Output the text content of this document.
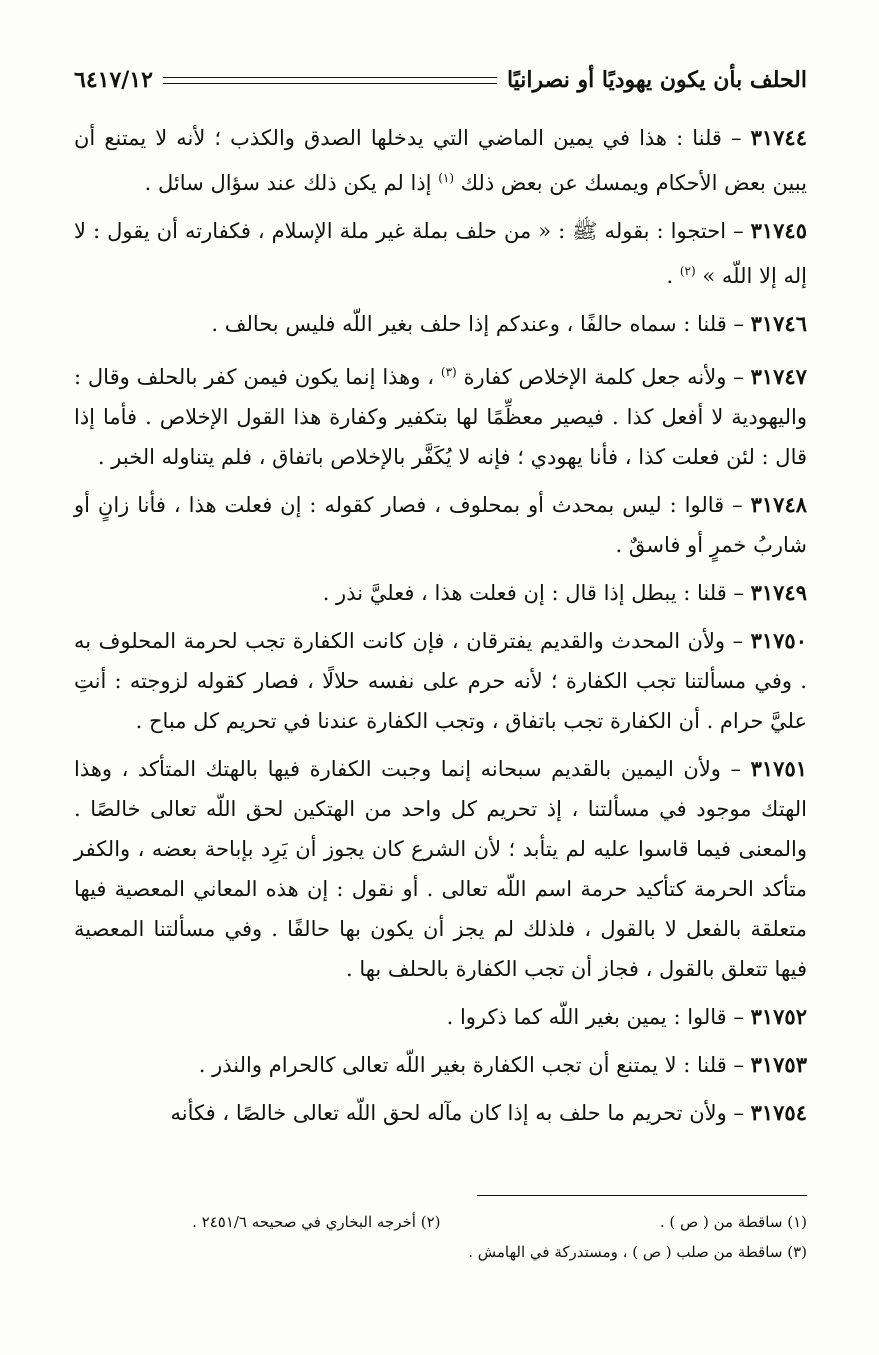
الحلف بأن يكون يهوديًا أو نصرانيًا
٦٤١٧/١٢

٣١٧٤٤ – قلنا : هذا في يمين الماضي التي يدخلها الصدق والكذب ؛ لأنه لا يمتنع أن يبين بعض الأحكام ويمسك عن بعض ذلك $^{(١)}$ إذا لم يكن ذلك عند سؤال سائل .

٣١٧٤٥ – احتجوا : بقوله ﷺ : « من حلف بملة غير ملة الإسلام ، فكفارته أن يقول : لا إله إلا اللّه » $^{(٢)}$ .

٣١٧٤٦ – قلنا : سماه حالفًا ، وعندكم إذا حلف بغير اللّه فليس بحالف .

٣١٧٤٧ – ولأنه جعل كلمة الإخلاص كفارة $^{(٣)}$ ، وهذا إنما يكون فيمن كفر بالحلف وقال : واليهودية لا أفعل كذا . فيصير معظِّمًا لها بتكفير وكفارة هذا القول الإخلاص . فأما إذا قال : لئن فعلت كذا ، فأنا يهودي ؛ فإنه لا يُكَفَّر بالإخلاص باتفاق ، فلم يتناوله الخبر .

٣١٧٤٨ – قالوا : ليس بمحدث أو بمحلوف ، فصار كقوله : إن فعلت هذا ، فأنا زانٍ أو شاربُ خمرٍ أو فاسقٌ .

٣١٧٤٩ – قلنا : يبطل إذا قال : إن فعلت هذا ، فعليَّ نذر .

٣١٧٥٠ – ولأن المحدث والقديم يفترقان ، فإن كانت الكفارة تجب لحرمة المحلوف به . وفي مسألتنا تجب الكفارة ؛ لأنه حرم على نفسه حلالًا ، فصار كقوله لزوجته : أنتِ عليَّ حرام . أن الكفارة تجب باتفاق ، وتجب الكفارة عندنا في تحريم كل مباح .

٣١٧٥١ – ولأن اليمين بالقديم سبحانه إنما وجبت الكفارة فيها بالهتك المتأكد ، وهذا الهتك موجود في مسألتنا ، إذ تحريم كل واحد من الهتكين لحق اللّه تعالى خالصًا . والمعنى فيما قاسوا عليه لم يتأبد ؛ لأن الشرع كان يجوز أن يَرِد بإباحة بعضه ، والكفر متأكد الحرمة كتأكيد حرمة اسم اللّه تعالى . أو نقول : إن هذه المعاني المعصية فيها متعلقة بالفعل لا بالقول ، فلذلك لم يجز أن يكون بها حالفًا . وفي مسألتنا المعصية فيها تتعلق بالقول ، فجاز أن تجب الكفارة بالحلف بها .

٣١٧٥٢ – قالوا : يمين بغير اللّه كما ذكروا .

٣١٧٥٣ – قلنا : لا يمتنع أن تجب الكفارة بغير اللّه تعالى كالحرام والنذر .

٣١٧٥٤ – ولأن تحريم ما حلف به إذا كان مآله لحق اللّه تعالى خالصًا ، فكأنه

(١) ساقطة من ( ص ) .
(٢) أخرجه البخاري في صحيحه ٢٤٥١/٦ .
(٣) ساقطة من صلب ( ص ) ، ومستدركة في الهامش .
